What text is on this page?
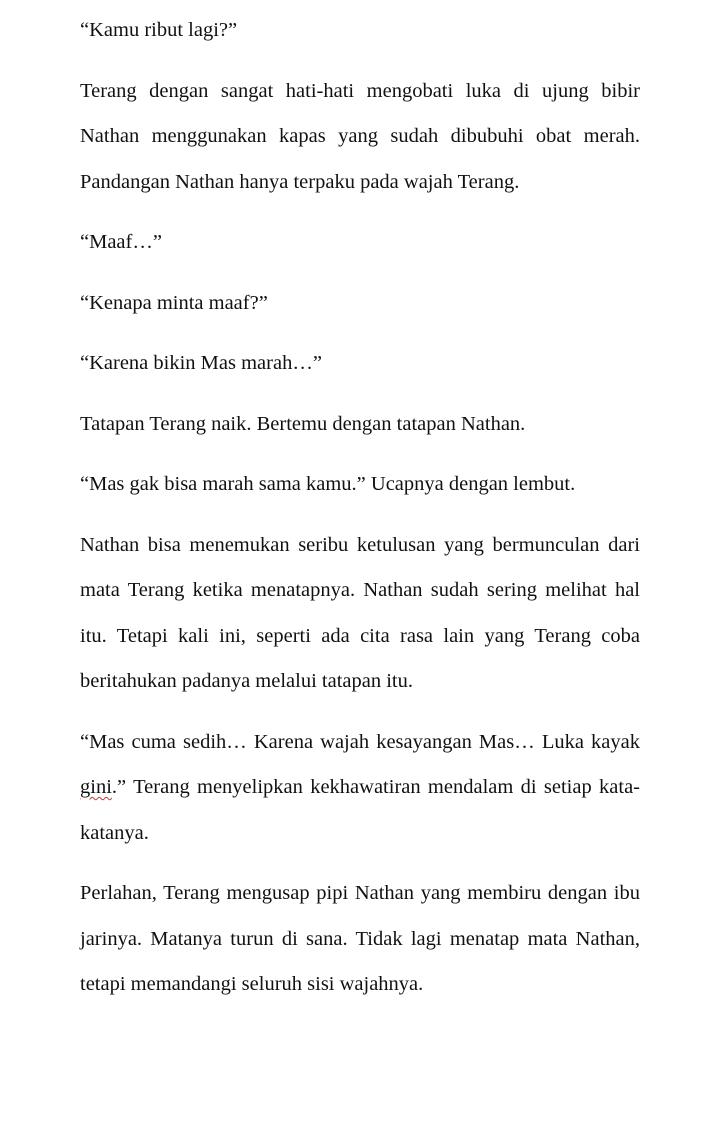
“Kamu ribut lagi?”

Terang dengan sangat hati-hati mengobati luka di ujung bibir Nathan menggunakan kapas yang sudah dibubuhi obat merah. Pandangan Nathan hanya terpaku pada wajah Terang.

“Maaf…”

“Kenapa minta maaf?”

“Karena bikin Mas marah…”

Tatapan Terang naik. Bertemu dengan tatapan Nathan.

“Mas gak bisa marah sama kamu.” Ucapnya dengan lembut.

Nathan bisa menemukan seribu ketulusan yang bermunculan dari mata Terang ketika menatapnya. Nathan sudah sering melihat hal itu. Tetapi kali ini, seperti ada cita rasa lain yang Terang coba beritahukan padanya melalui tatapan itu.

“Mas cuma sedih… Karena wajah kesayangan Mas… Luka kayak gini.” Terang menyelipkan kekhawatiran mendalam di setiap kata-katanya.

Perlahan, Terang mengusap pipi Nathan yang membiru dengan ibu jarinya. Matanya turun di sana. Tidak lagi menatap mata Nathan, tetapi memandangi seluruh sisi wajahnya.
